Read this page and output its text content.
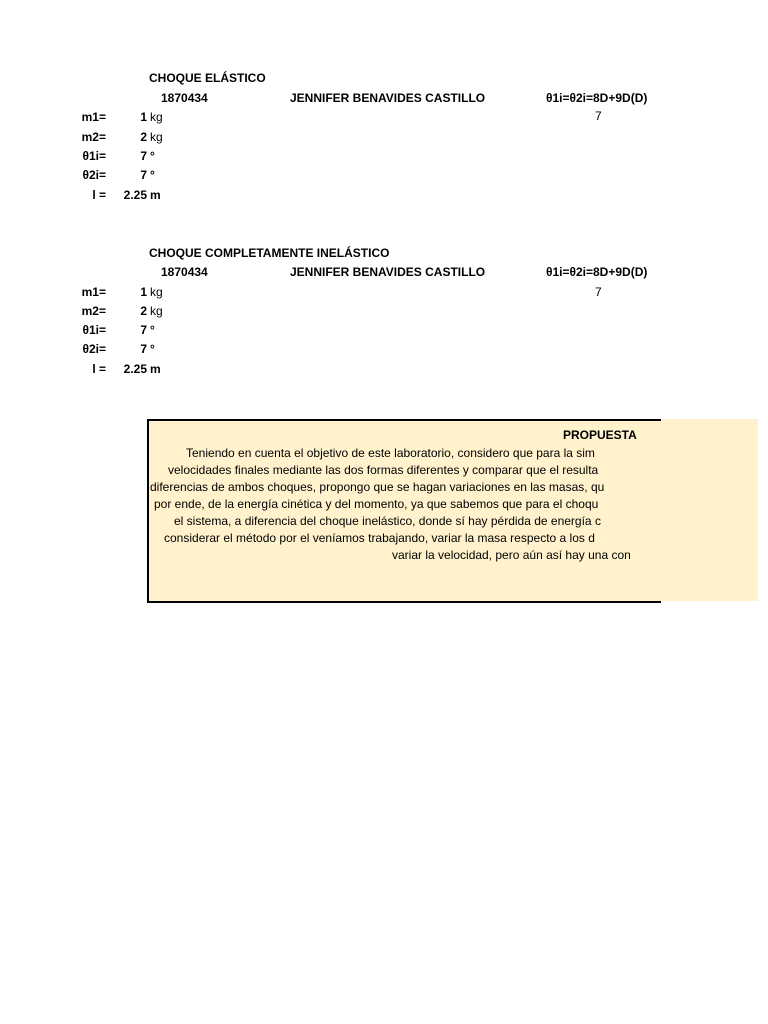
CHOQUE ELÁSTICO
1870434	JENNIFER BENAVIDES CASTILLO	θ1i=θ2i=8D+9D(D)
7
m1=	1 kg
m2=	2 kg
θ1i=	7 °
θ2i=	7 °
l =	2.25 m
CHOQUE COMPLETAMENTE INELÁSTICO
1870434	JENNIFER BENAVIDES CASTILLO	θ1i=θ2i=8D+9D(D)
7
m1=	1 kg
m2=	2 kg
θ1i=	7 °
θ2i=	7 °
l =	2.25 m
PROPUESTA
Teniendo en cuenta el objetivo de este laboratorio, considero que para la sim
velocidades finales mediante las dos formas diferentes y comparar que el resulta
diferencias de ambos choques, propongo que se hagan variaciones en las masas, qu
por ende, de la energía cinética y del momento, ya que sabemos que para el choqu
el sistema, a diferencia del choque inelástico, donde sí hay pérdida de energía c
considerar el método por el veníamos trabajando, variar la masa respecto a los d
variar la velocidad, pero aún así hay una con
